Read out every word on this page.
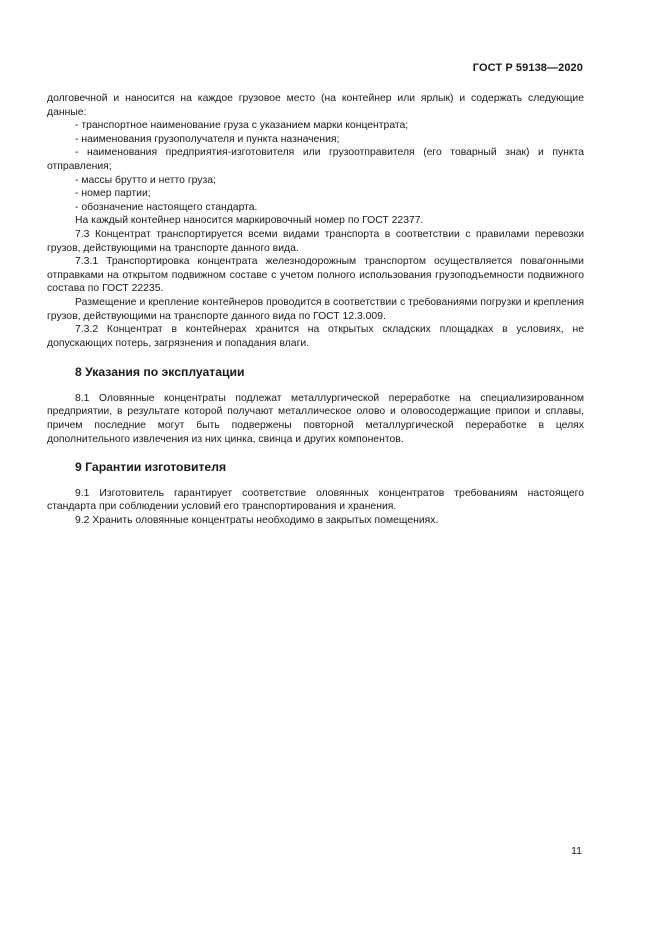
ГОСТ Р 59138—2020

долговечной и наносится на каждое грузовое место (на контейнер или ярлык) и содержать следующие данные:

- транспортное наименование груза с указанием марки концентрата;

- наименования грузополучателя и пункта назначения;

- наименования предприятия-изготовителя или грузоотправителя (его товарный знак) и пункта отправления;

- массы брутто и нетто груза;

- номер партии;

- обозначение настоящего стандарта.

На каждый контейнер наносится маркировочный номер по ГОСТ 22377.

7.3 Концентрат транспортируется всеми видами транспорта в соответствии с правилами перевозки грузов, действующими на транспорте данного вида.

7.3.1 Транспортировка концентрата железнодорожным транспортом осуществляется повагонными отправками на открытом подвижном составе с учетом полного использования грузоподъемности подвижного состава по ГОСТ 22235.

Размещение и крепление контейнеров проводится в соответствии с требованиями погрузки и крепления грузов, действующими на транспорте данного вида по ГОСТ 12.3.009.

7.3.2 Концентрат в контейнерах хранится на открытых складских площадках в условиях, не допускающих потерь, загрязнения и попадания влаги.

8 Указания по эксплуатации

8.1 Оловянные концентраты подлежат металлургической переработке на специализированном предприятии, в результате которой получают металлическое олово и оловосодержащие припои и сплавы, причем последние могут быть подвержены повторной металлургической переработке в целях дополнительного извлечения из них цинка, свинца и других компонентов.

9 Гарантии изготовителя

9.1 Изготовитель гарантирует соответствие оловянных концентратов требованиям настоящего стандарта при соблюдении условий его транспортирования и хранения.

9.2 Хранить оловянные концентраты необходимо в закрытых помещениях.

11
